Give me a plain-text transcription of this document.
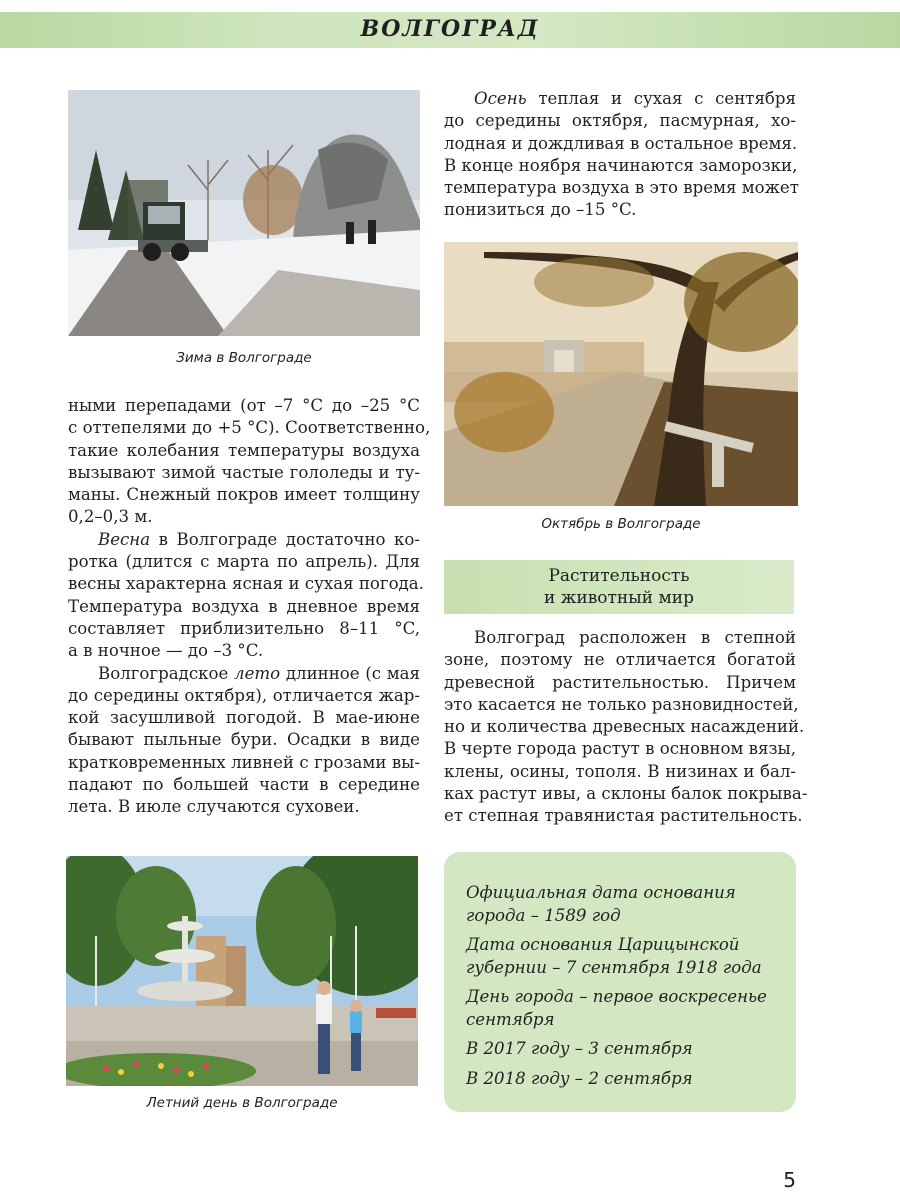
ВОЛГОГРАД
Зима в Волгограде

ными перепадами (от –7 °C до –25 °C
с оттепелями до +5 °C). Соответственно,
такие колебания температуры воздуха
вызывают зимой частые гололеды и ту-
маны. Снежный покров имеет толщину
0,2–0,3 м.

Весна в Волгограде достаточно ко-
ротка (длится с марта по апрель). Для
весны характерна ясная и сухая погода.
Температура воздуха в дневное время
составляет приблизительно 8–11 °C,
а в ночное — до –3 °C.

Волгоградское лето длинное (с мая
до середины октября), отличается жар-
кой засушливой погодой. В мае-июне
бывают пыльные бури. Осадки в виде
кратковременных ливней с грозами вы-
падают по большей части в середине
лета. В июле случаются суховеи.

Летний день в Волгограде

Осень теплая и сухая с сентября
до середины октября, пасмурная, хо-
лодная и дождливая в остальное время.
В конце ноября начинаются заморозки,
температура воздуха в это время может
понизиться до –15 °C.

Октябрь в Волгограде
Растительность
и животный мир

Волгоград расположен в степной
зоне, поэтому не отличается богатой
древесной растительностью. Причем
это касается не только разновидностей,
но и количества древесных насаждений.
В черте города растут в основном вязы,
клены, осины, тополя. В низинах и бал-
ках растут ивы, а склоны балок покрыва-
ет степная травянистая растительность.

Официальная дата основания города – 1589 год

Дата основания Царицынской губернии – 7 сентября 1918 года

День города – первое воскресенье сентября

В 2017 году – 3 сентября

В 2018 году – 2 сентября

5
